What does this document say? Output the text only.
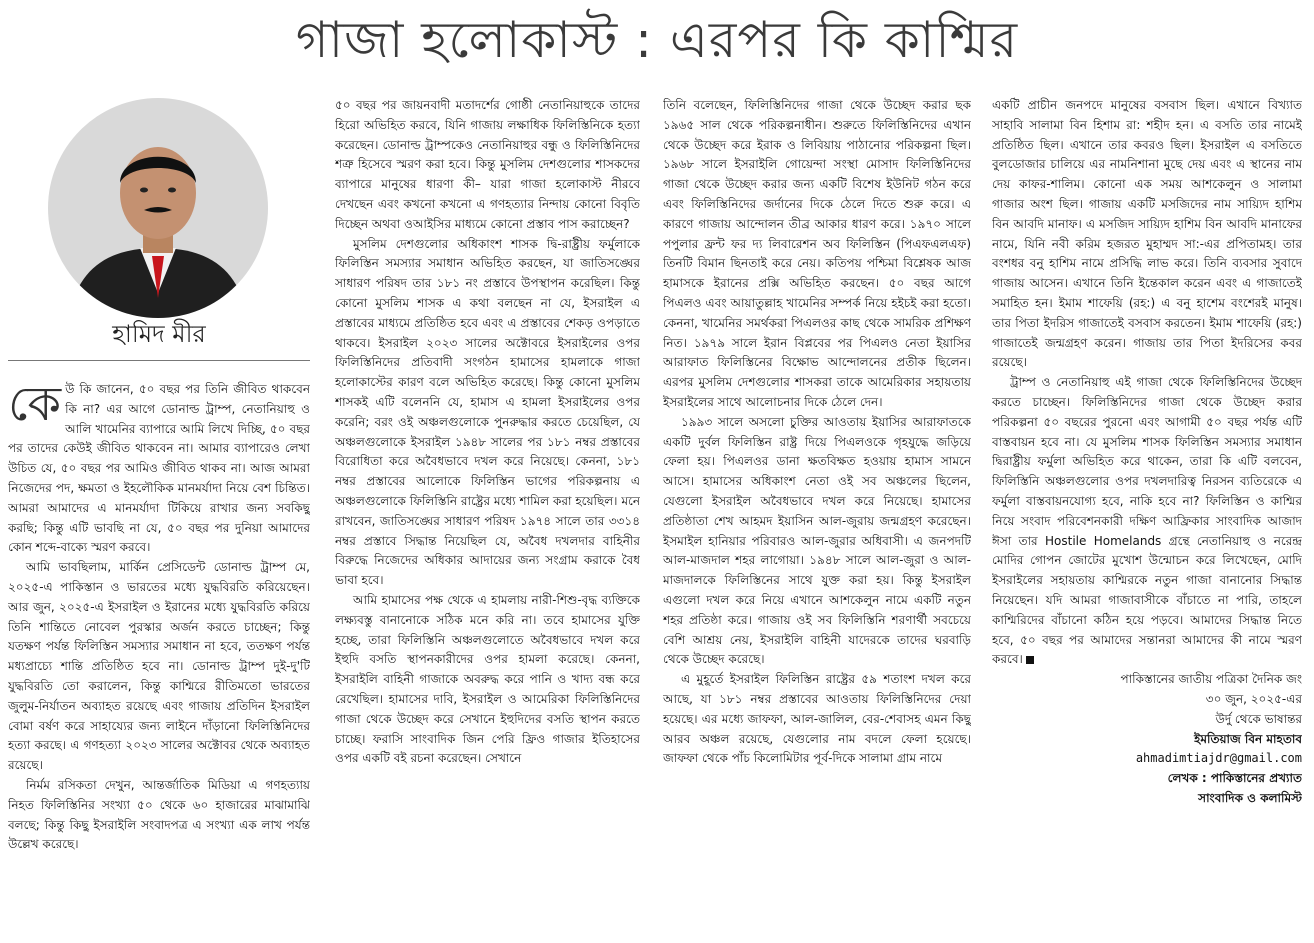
গাজা হলোকাস্ট : এরপর কি কাশ্মির
হামিদ মীর

কেউ কি জানেন, ৫০ বছর পর তিনি জীবিত থাকবেন কি না? এর আগে ডোনাল্ড ট্রাম্প, নেতানিয়াহু ও আলি খামেনির ব্যাপারে আমি লিখে দিচ্ছি, ৫০ বছর পর তাদের কেউই জীবিত থাকবেন না। আমার ব্যাপারেও লেখা উচিত যে, ৫০ বছর পর আমিও জীবিত থাকব না। আজ আমরা নিজেদের পদ, ক্ষমতা ও ইহলৌকিক মানমর্যাদা নিয়ে বেশ চিন্তিত। আমরা আমাদের এ মানমর্যাদা টিকিয়ে রাখার জন্য সবকিছু করছি; কিন্তু এটি ভাবছি না যে, ৫০ বছর পর দুনিয়া আমাদের কোন শব্দে-বাক্যে স্মরণ করবে।

আমি ভাবছিলাম, মার্কিন প্রেসিডেন্ট ডোনাল্ড ট্রাম্প মে, ২০২৫-এ পাকিস্তান ও ভারতের মধ্যে যুদ্ধবিরতি করিয়েছেন। আর জুন, ২০২৫-এ ইসরাইল ও ইরানের মধ্যে যুদ্ধবিরতি করিয়ে তিনি শান্তিতে নোবেল পুরস্কার অর্জন করতে চাচ্ছেন; কিন্তু যতক্ষণ পর্যন্ত ফিলিস্তিন সমস্যার সমাধান না হবে, ততক্ষণ পর্যন্ত মধ্যপ্রাচ্যে শান্তি প্রতিষ্ঠিত হবে না। ডোনাল্ড ট্রাম্প দুই-দু'টি যুদ্ধবিরতি তো করালেন, কিন্তু কাশ্মিরে রীতিমতো ভারতের জুলুম-নির্যাতন অব্যাহত রয়েছে এবং গাজায় প্রতিদিন ইসরাইল বোমা বর্ষণ করে সাহায্যের জন্য লাইনে দাঁড়ানো ফিলিস্তিনিদের হত্যা করছে। এ গণহত্যা ২০২৩ সালের অক্টোবর থেকে অব্যাহত রয়েছে।

নির্মম রসিকতা দেখুন, আন্তর্জাতিক মিডিয়া এ গণহত্যায় নিহত ফিলিস্তিনির সংখ্যা ৫০ থেকে ৬০ হাজারের মাঝামাঝি বলছে; কিন্তু কিছু ইসরাইলি সংবাদপত্র এ সংখ্যা এক লাখ পর্যন্ত উল্লেখ করেছে।

৫০ বছর পর জায়নবাদী মতাদর্শের গোষ্ঠী নেতানিয়াহুকে তাদের হিরো অভিহিত করবে, যিনি গাজায় লক্ষাধিক ফিলিস্তিনিকে হত্যা করেছেন। ডোনাল্ড ট্রাম্পকেও নেতানিয়াহুর বন্ধু ও ফিলিস্তিনিদের শত্রু হিসেবে স্মরণ করা হবে। কিন্তু মুসলিম দেশগুলোর শাসকদের ব্যাপারে মানুষের ধারণা কী– যারা গাজা হলোকাস্ট নীরবে দেখছেন এবং কখনো কখনো এ গণহত্যার নিন্দায় কোনো বিবৃতি দিচ্ছেন অথবা ওআইসির মাধ্যমে কোনো প্রস্তাব পাস করাচ্ছেন?

মুসলিম দেশগুলোর অধিকাংশ শাসক দ্বি-রাষ্ট্রীয় ফর্মুলাকে ফিলিস্তিন সমস্যার সমাধান অভিহিত করছেন, যা জাতিসঙ্ঘের সাধারণ পরিষদ তার ১৮১ নং প্রস্তাবে উপস্থাপন করেছিল। কিন্তু কোনো মুসলিম শাসক এ কথা বলছেন না যে, ইসরাইল এ প্রস্তাবের মাধ্যমে প্রতিষ্ঠিত হবে এবং এ প্রস্তাবের শেকড় ওপড়াতে থাকবে। ইসরাইল ২০২৩ সালের অক্টোবরে ইসরাইলের ওপর ফিলিস্তিনিদের প্রতিবাদী সংগঠন হামাসের হামলাকে গাজা হলোকাস্টের কারণ বলে অভিহিত করেছে। কিন্তু কোনো মুসলিম শাসকই এটি বলেননি যে, হামাস এ হামলা ইসরাইলের ওপর করেনি; বরং ওই অঞ্চলগুলোকে পুনরুদ্ধার করতে চেয়েছিল, যে অঞ্চলগুলোকে ইসরাইল ১৯৪৮ সালের পর ১৮১ নম্বর প্রস্তাবের বিরোধিতা করে অবৈধভাবে দখল করে নিয়েছে। কেননা, ১৮১ নম্বর প্রস্তাবের আলোকে ফিলিস্তিন ভাগের পরিকল্পনায় এ অঞ্চলগুলোকে ফিলিস্তিনি রাষ্ট্রের মধ্যে শামিল করা হয়েছিল। মনে রাখবেন, জাতিসঙ্ঘের সাধারণ পরিষদ ১৯৭৪ সালে তার ৩৩১৪ নম্বর প্রস্তাবে সিদ্ধান্ত নিয়েছিল যে, অবৈধ দখলদার বাহিনীর বিরুদ্ধে নিজেদের অধিকার আদায়ের জন্য সংগ্রাম করাকে বৈধ ভাবা হবে।

আমি হামাসের পক্ষ থেকে এ হামলায় নারী-শিশু-বৃদ্ধ ব্যক্তিকে লক্ষ্যবস্তু বানানোকে সঠিক মনে করি না। তবে হামাসের যুক্তি হচ্ছে, তারা ফিলিস্তিনি অঞ্চলগুলোতে অবৈধভাবে দখল করে ইহুদি বসতি স্থাপনকারীদের ওপর হামলা করেছে। কেননা, ইসরাইলি বাহিনী গাজাকে অবরুদ্ধ করে পানি ও খাদ্য বন্ধ করে রেখেছিল। হামাসের দাবি, ইসরাইল ও আমেরিকা ফিলিস্তিনিদের গাজা থেকে উচ্ছেদ করে সেখানে ইহুদিদের বসতি স্থাপন করতে চাচ্ছে। ফরাসি সাংবাদিক জিন পেরি ফ্রিও গাজার ইতিহাসের ওপর একটি বই রচনা করেছেন। সেখানে

তিনি বলেছেন, ফিলিস্তিনিদের গাজা থেকে উচ্ছেদ করার ছক ১৯৬৫ সাল থেকে পরিকল্পনাধীন। শুরুতে ফিলিস্তিনিদের এখান থেকে উচ্ছেদ করে ইরাক ও লিবিয়ায় পাঠানোর পরিকল্পনা ছিল। ১৯৬৮ সালে ইসরাইলি গোয়েন্দা সংস্থা মোসাদ ফিলিস্তিনিদের গাজা থেকে উচ্ছেদ করার জন্য একটি বিশেষ ইউনিট গঠন করে এবং ফিলিস্তিনিদের জর্দানের দিকে ঠেলে দিতে শুরু করে। এ কারণে গাজায় আন্দোলন তীব্র আকার ধারণ করে। ১৯৭০ সালে পপুলার ফ্রন্ট ফর দ্য লিবারেশন অব ফিলিস্তিন (পিএফএলএফ) তিনটি বিমান ছিনতাই করে নেয়। কতিপয় পশ্চিমা বিশ্লেষক আজ হামাসকে ইরানের প্রক্সি অভিহিত করছেন। ৫০ বছর আগে পিএলও এবং আয়াতুল্লাহ খামেনির সম্পর্ক নিয়ে হইচই করা হতো। কেননা, খামেনির সমর্থকরা পিএলওর কাছ থেকে সামরিক প্রশিক্ষণ নিত। ১৯৭৯ সালে ইরান বিপ্লবের পর পিএলও নেতা ইয়াসির আরাফাত ফিলিস্তিনের বিক্ষোভ আন্দোলনের প্রতীক ছিলেন। এরপর মুসলিম দেশগুলোর শাসকরা তাকে আমেরিকার সহায়তায় ইসরাইলের সাথে আলোচনার দিকে ঠেলে দেন।

১৯৯৩ সালে অসলো চুক্তির আওতায় ইয়াসির আরাফাতকে একটি দুর্বল ফিলিস্তিন রাষ্ট্র দিয়ে পিএলওকে গৃহযুদ্ধে জড়িয়ে ফেলা হয়। পিএলওর ডানা ক্ষতবিক্ষত হওয়ায় হামাস সামনে আসে। হামাসের অধিকাংশ নেতা ওই সব অঞ্চলের ছিলেন, যেগুলো ইসরাইল অবৈধভাবে দখল করে নিয়েছে। হামাসের প্রতিষ্ঠাতা শেখ আহমদ ইয়াসিন আল-জুরায় জন্মগ্রহণ করেছেন। ইসমাইল হানিয়ার পরিবারও আল-জুরার অধিবাসী। এ জনপদটি আল-মাজদাল শহর লাগোয়া। ১৯৪৮ সালে আল-জুরা ও আল-মাজদালকে ফিলিস্তিনের সাথে যুক্ত করা হয়। কিন্তু ইসরাইল এগুলো দখল করে নিয়ে এখানে আশকেলুন নামে একটি নতুন শহর প্রতিষ্ঠা করে। গাজায় ওই সব ফিলিস্তিনি শরণার্থী সবচেয়ে বেশি আশ্রয় নেয়, ইসরাইলি বাহিনী যাদেরকে তাদের ঘরবাড়ি থেকে উচ্ছেদ করেছে।

এ মুহূর্তে ইসরাইল ফিলিস্তিন রাষ্ট্রের ৫৯ শতাংশ দখল করে আছে, যা ১৮১ নম্বর প্রস্তাবের আওতায় ফিলিস্তিনিদের দেয়া হয়েছে। এর মধ্যে জাফফা, আল-জালিল, বের-শেবাসহ এমন কিছু আরব অঞ্চল রয়েছে, যেগুলোর নাম বদলে ফেলা হয়েছে। জাফফা থেকে পাঁচ কিলোমিটার পূর্ব-দিকে সালামা গ্রাম নামে

একটি প্রাচীন জনপদে মানুষের বসবাস ছিল। এখানে বিখ্যাত সাহাবি সালামা বিন হিশাম রা: শহীদ হন। এ বসতি তার নামেই প্রতিষ্ঠিত ছিল। এখানে তার কবরও ছিল। ইসরাইল এ বসতিতে বুলডোজার চালিয়ে এর নামনিশানা মুছে দেয় এবং এ স্থানের নাম দেয় কাফর-শালিম। কোনো এক সময় আশকেলুন ও সালামা গাজার অংশ ছিল। গাজায় একটি মসজিদের নাম সায়্যিদ হাশিম বিন আবদি মানাফ। এ মসজিদ সায়্যিদ হাশিম বিন আবদি মানাফের নামে, যিনি নবী করিম হজরত মুহাম্মদ সা:-এর প্রপিতামহ। তার বংশধর বনু হাশিম নামে প্রসিদ্ধি লাভ করে। তিনি ব্যবসার সুবাদে গাজায় আসেন। এখানে তিনি ইন্তেকাল করেন এবং এ গাজাতেই সমাহিত হন। ইমাম শাফেয়ি (রহ:) এ বনু হাশেম বংশেরই মানুষ। তার পিতা ইদরিস গাজাতেই বসবাস করতেন। ইমাম শাফেয়ি (রহ:) গাজাতেই জন্মগ্রহণ করেন। গাজায় তার পিতা ইদরিসের কবর রয়েছে।

ট্রাম্প ও নেতানিয়াহু এই গাজা থেকে ফিলিস্তিনিদের উচ্ছেদ করতে চাচ্ছেন। ফিলিস্তিনিদের গাজা থেকে উচ্ছেদ করার পরিকল্পনা ৫০ বছরের পুরনো এবং আগামী ৫০ বছর পর্যন্ত এটি বাস্তবায়ন হবে না। যে মুসলিম শাসক ফিলিস্তিন সমস্যার সমাধান দ্বিরাষ্ট্রীয় ফর্মুলা অভিহিত করে থাকেন, তারা কি এটি বলবেন, ফিলিস্তিনি অঞ্চলগুলোর ওপর দখলদারিত্ব নিরসন ব্যতিরেকে এ ফর্মুলা বাস্তবায়নযোগ্য হবে, নাকি হবে না? ফিলিস্তিন ও কাশ্মির নিয়ে সংবাদ পরিবেশনকারী দক্ষিণ আফ্রিকার সাংবাদিক আজাদ ঈসা তার Hostile Homelands গ্রন্থে নেতানিয়াহু ও নরেন্দ্র মোদির গোপন জোটের মুখোশ উন্মোচন করে লিখেছেন, মোদি ইসরাইলের সহায়তায় কাশ্মিরকে নতুন গাজা বানানোর সিদ্ধান্ত নিয়েছেন। যদি আমরা গাজাবাসীকে বাঁচাতে না পারি, তাহলে কাশ্মিরিদের বাঁচানো কঠিন হয়ে পড়বে। আমাদের সিদ্ধান্ত নিতে হবে, ৫০ বছর পর আমাদের সন্তানরা আমাদের কী নামে স্মরণ করবে।

পাকিস্তানের জাতীয় পত্রিকা দৈনিক জং

৩০ জুন, ২০২৫-এর

উর্দু থেকে ভাষান্তর

ইমতিয়াজ বিন মাহতাব

ahmadimtiajdr@gmail.com

লেখক : পাকিস্তানের প্রখ্যাত

সাংবাদিক ও কলামিস্ট
